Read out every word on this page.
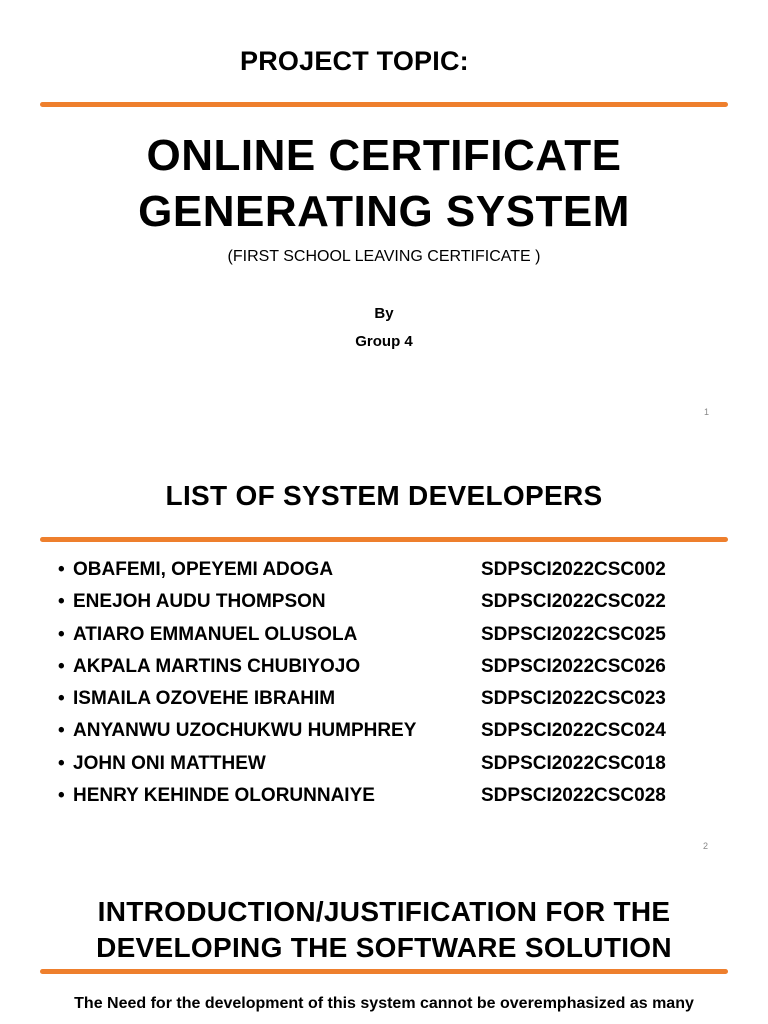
PROJECT TOPIC:
ONLINE CERTIFICATE
GENERATING SYSTEM
(FIRST SCHOOL LEAVING CERTIFICATE )
By
Group 4
1
LIST OF SYSTEM DEVELOPERS
• OBAFEMI, OPEYEMI ADOGA	SDPSCI2022CSC002
• ENEJOH AUDU THOMPSON	SDPSCI2022CSC022
• ATIARO EMMANUEL OLUSOLA	SDPSCI2022CSC025
• AKPALA MARTINS CHUBIYOJO	SDPSCI2022CSC026
• ISMAILA OZOVEHE IBRAHIM	SDPSCI2022CSC023
• ANYANWU UZOCHUKWU HUMPHREY	SDPSCI2022CSC024
• JOHN ONI MATTHEW	SDPSCI2022CSC018
• HENRY KEHINDE OLORUNNAIYE	SDPSCI2022CSC028
2
INTRODUCTION/JUSTIFICATION FOR THE
DEVELOPING THE SOFTWARE SOLUTION
The Need for the development of this system cannot be overemphasized as many
